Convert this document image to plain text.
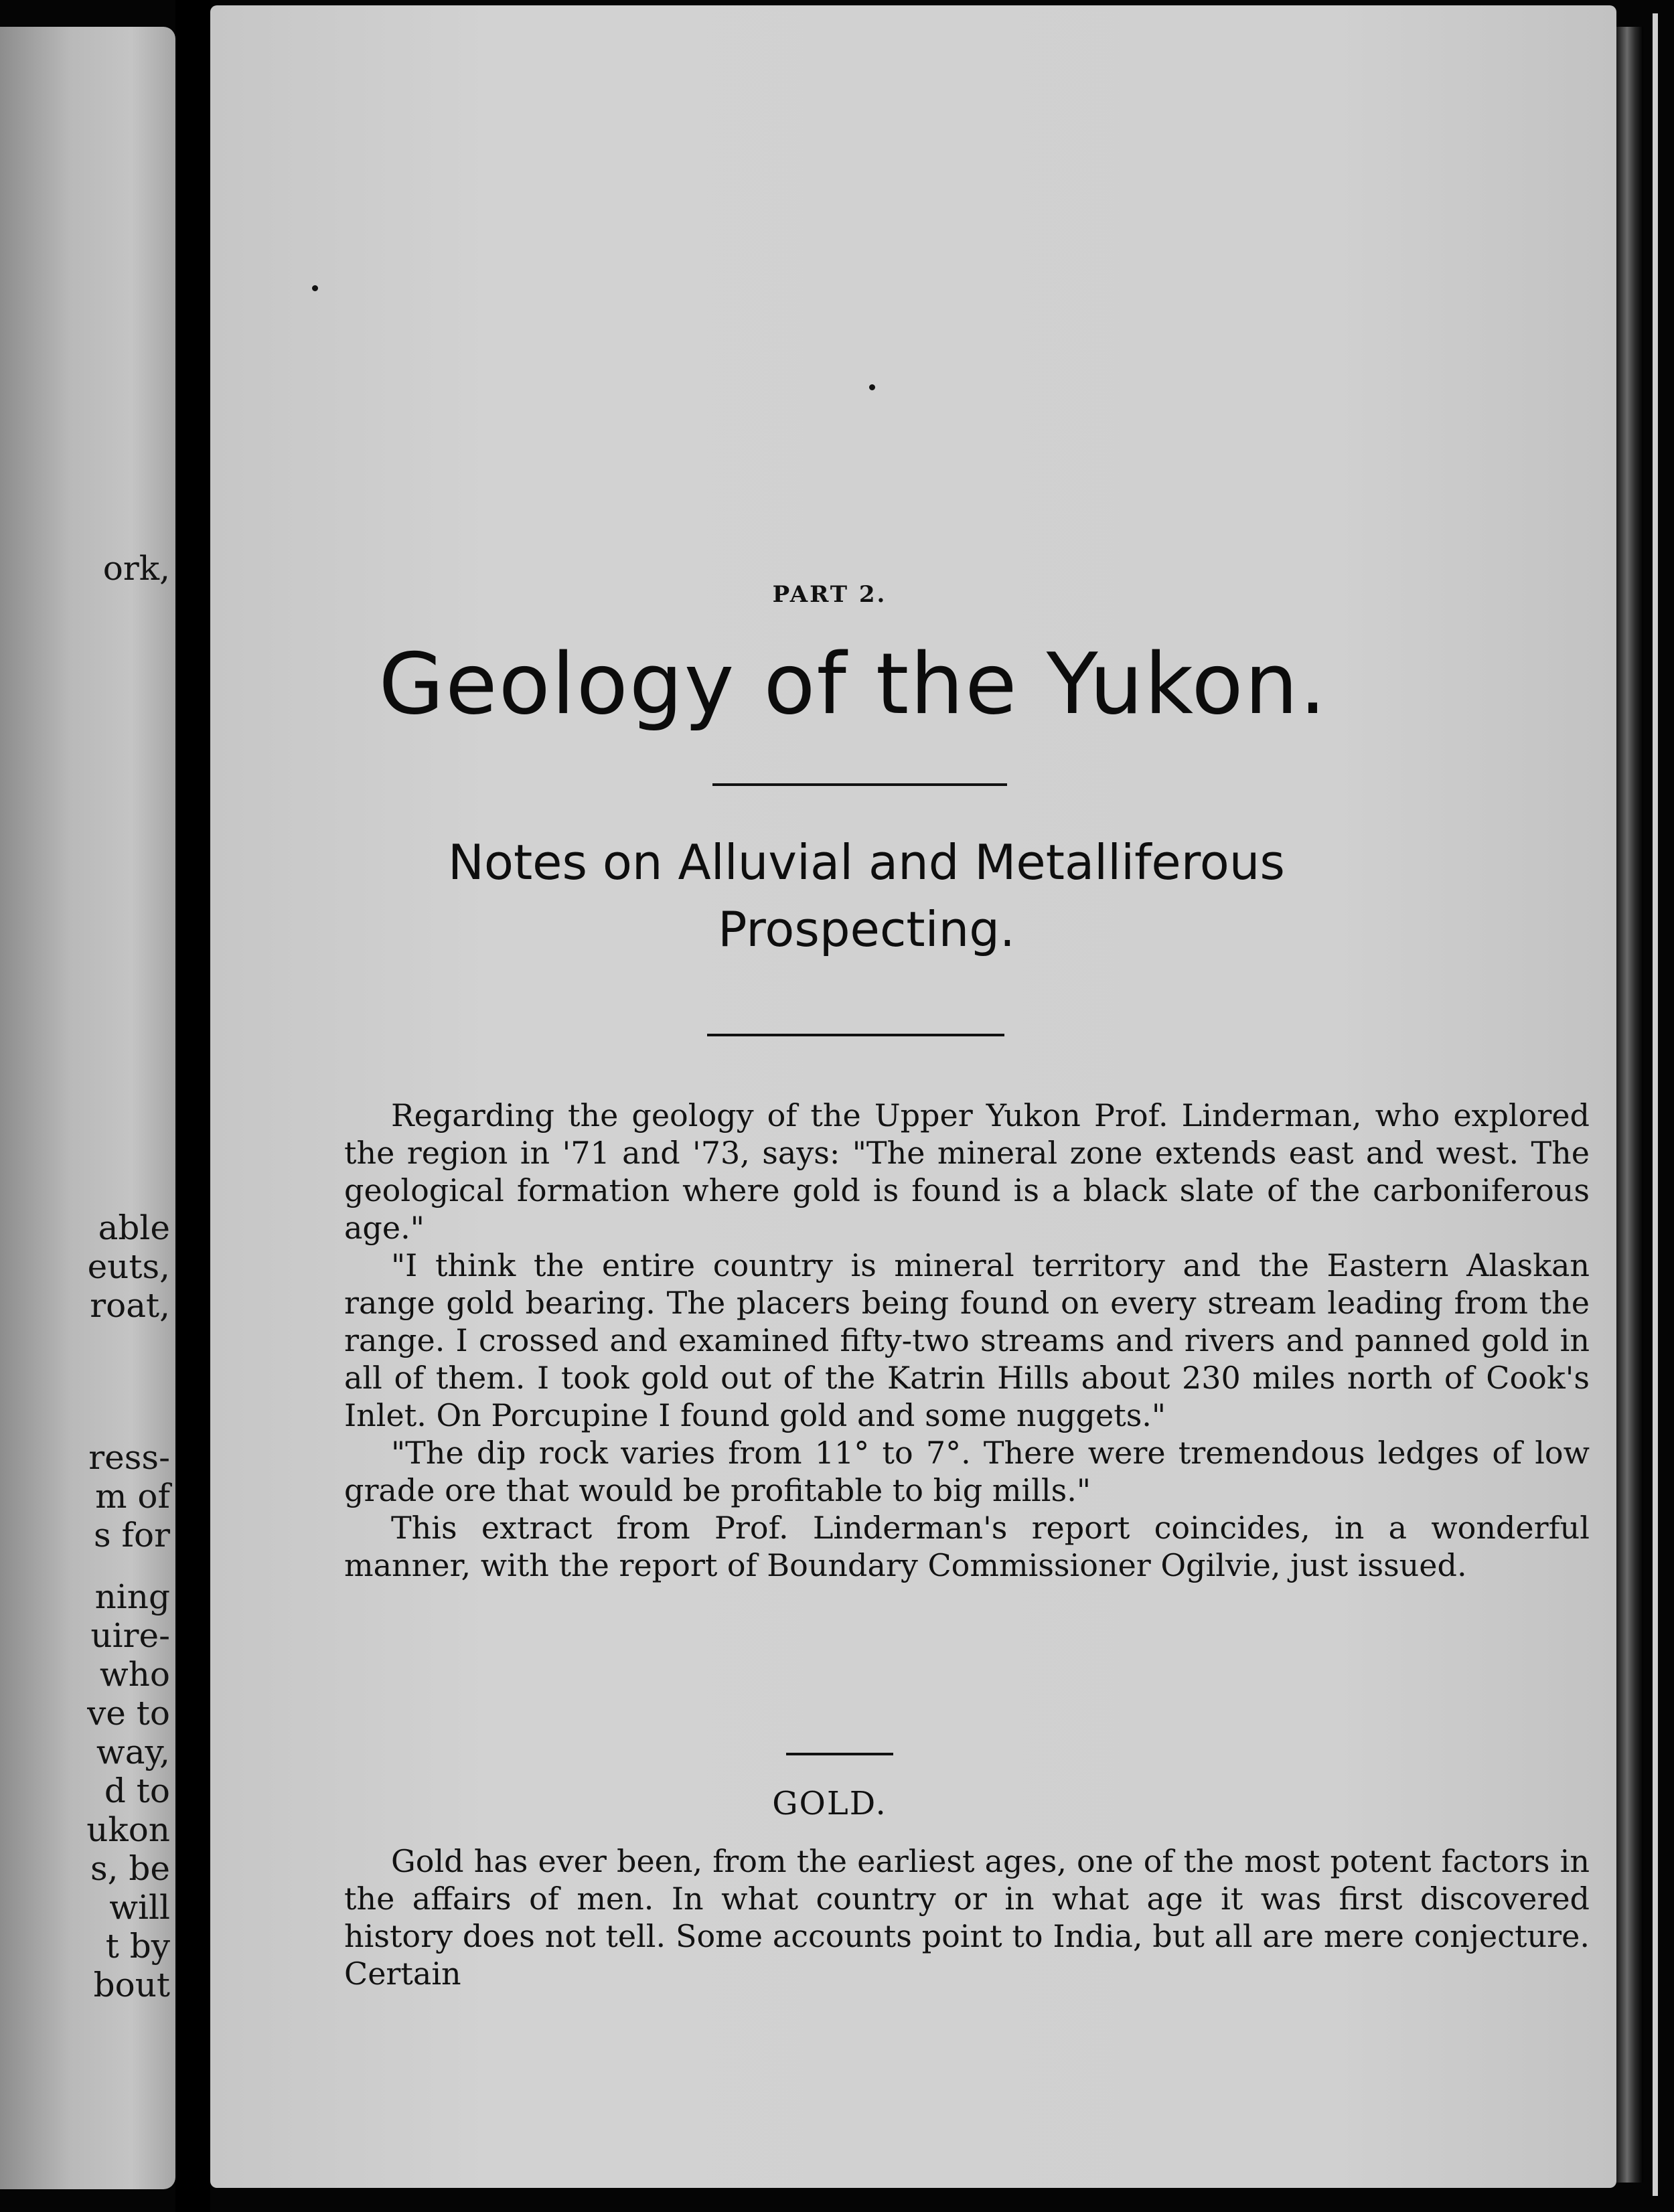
ork,
able
euts,
roat,
ress-
m of
s for
ning
uire-
who
ve to
way,
d to
ukon
s, be
will
t by
bout
PART 2.
Geology of the Yukon.
Notes on Alluvial and Metalliferous
Prospecting.

Regarding the geology of the Upper Yukon Prof. Linderman, who explored the region in '71 and '73, says: "The mineral zone extends east and west. The geological formation where gold is found is a black slate of the carboniferous age."

"I think the entire country is mineral territory and the Eastern Alaskan range gold bearing. The placers being found on every stream leading from the range. I crossed and examined fifty-two streams and rivers and panned gold in all of them. I took gold out of the Katrin Hills about 230 miles north of Cook's Inlet. On Porcupine I found gold and some nuggets."

"The dip rock varies from 11° to 7°. There were tremendous ledges of low grade ore that would be profitable to big mills."

This extract from Prof. Linderman's report coincides, in a wonderful manner, with the report of Boundary Commissioner Ogilvie, just issued.

GOLD.

Gold has ever been, from the earliest ages, one of the most potent factors in the affairs of men. In what country or in what age it was first discovered history does not tell. Some accounts point to India, but all are mere conjecture. Certain
